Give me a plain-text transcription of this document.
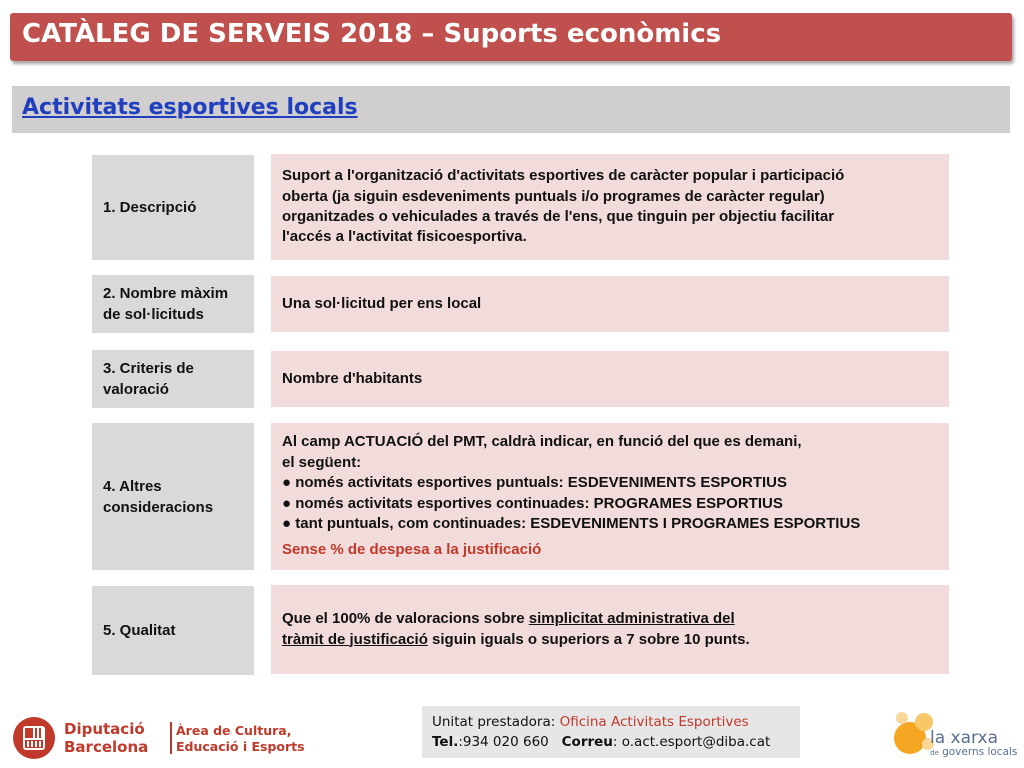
CATÀLEG DE SERVEIS 2018 – Suports econòmics
Activitats esportives locals
1. Descripció
Suport a l'organització d'activitats esportives de caràcter popular i participació
oberta (ja siguin esdeveniments puntuals i/o programes de caràcter regular)
organitzades o vehiculades a través de l'ens, que tinguin per objectiu facilitar
l'accés a l'activitat fisicoesportiva.
2. Nombre màxim de sol·licituds
Una sol·licitud per ens local
3. Criteris de valoració
Nombre d'habitants
4. Altres consideracions
Al camp ACTUACIÓ del PMT, caldrà indicar, en funció del que es demani,
el següent:
● només activitats esportives puntuals: ESDEVENIMENTS ESPORTIUS
● només activitats esportives continuades: PROGRAMES ESPORTIUS
● tant puntuals, com continuades: ESDEVENIMENTS I PROGRAMES ESPORTIUS
Sense % de despesa a la justificació
5. Qualitat
Que el 100% de valoracions sobre simplicitat administrativa del
tràmit de justificació siguin iguals o superiors a 7 sobre 10 punts.
Diputació
Barcelona
Àrea de Cultura,
Educació i Esports
Unitat prestadora: Oficina Activitats Esportives
Tel.:934 020 660 Correu: o.act.esport@diba.cat	la xarxa
de governs locals
